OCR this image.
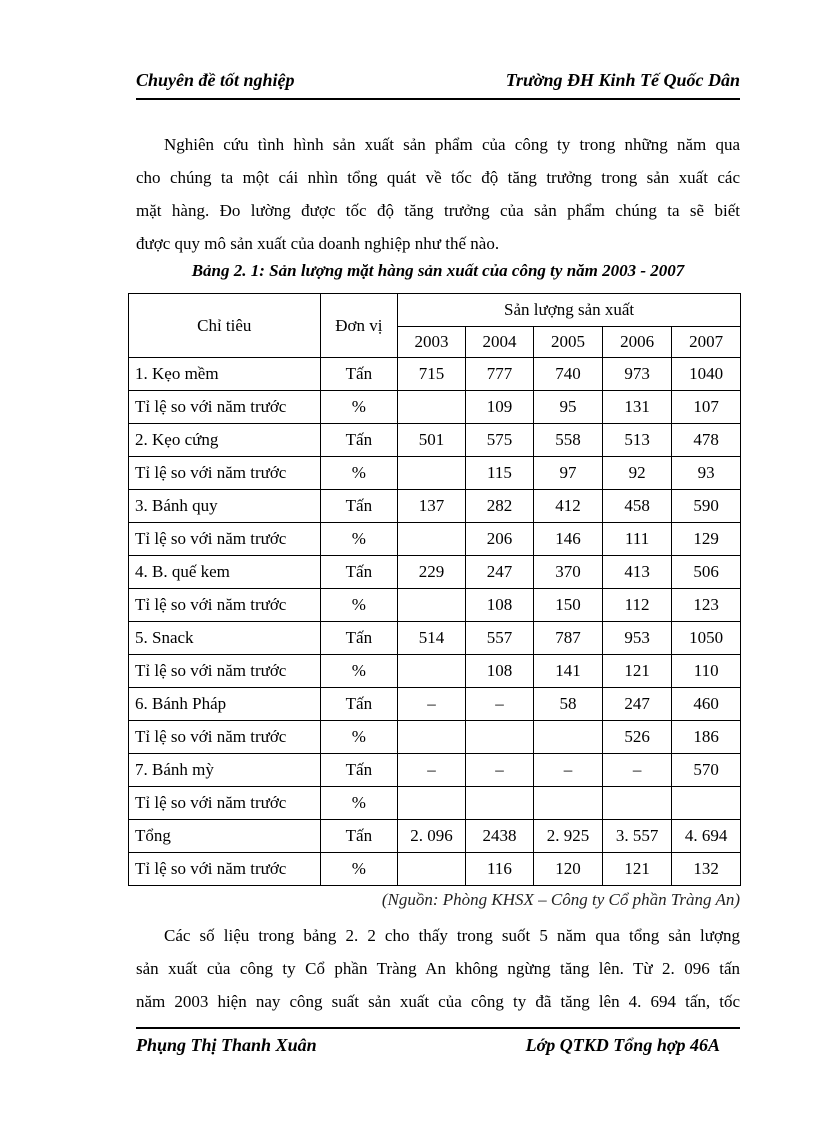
Chuyên đề tốt nghiệp	Trường ĐH Kinh Tế Quốc Dân

Nghiên cứu tình hình sản xuất sản phẩm của công ty trong những năm qua
cho chúng ta một cái nhìn tổng quát về tốc độ tăng trưởng trong sản xuất các
mặt hàng. Đo lường được tốc độ tăng trưởng của sản phẩm chúng ta sẽ biết
được quy mô sản xuất của doanh nghiệp như thế nào.

Bảng 2. 1: Sản lượng mặt hàng sản xuất của công ty năm 2003 - 2007
Chỉ tiêu	Đơn vị	Sản lượng sản xuất				
		2003	2004	2005	2006	2007
1. Kẹo mềm	Tấn	715	777	740	973	1040
Tỉ lệ so với năm trước	%		109	95	131	107
2. Kẹo cứng	Tấn	501	575	558	513	478
Tỉ lệ so với năm trước	%		115	97	92	93
3. Bánh quy	Tấn	137	282	412	458	590
Tỉ lệ so với năm trước	%		206	146	111	129
4. B. quế kem	Tấn	229	247	370	413	506
Tỉ lệ so với năm trước	%		108	150	112	123
5. Snack	Tấn	514	557	787	953	1050
Tỉ lệ so với năm trước	%		108	141	121	110
6. Bánh Pháp	Tấn	–	–	58	247	460
Tỉ lệ so với năm trước	%				526	186
7. Bánh mỳ	Tấn	–	–	–	–	570
Tỉ lệ so với năm trước	%					
Tổng	Tấn	2. 096	2438	2. 925	3. 557	4. 694
Tỉ lệ so với năm trước	%		116	120	121	132
(Nguồn: Phòng KHSX – Công ty Cổ phần Tràng An)

Các số liệu trong bảng 2. 2 cho thấy trong suốt 5 năm qua tổng sản lượng
sản xuất của công ty Cổ phần Tràng An không ngừng tăng lên. Từ 2. 096 tấn
năm 2003 hiện nay công suất sản xuất của công ty đã tăng lên 4. 694 tấn, tốc

Phụng Thị Thanh Xuân	Lớp QTKD Tổng hợp 46A
